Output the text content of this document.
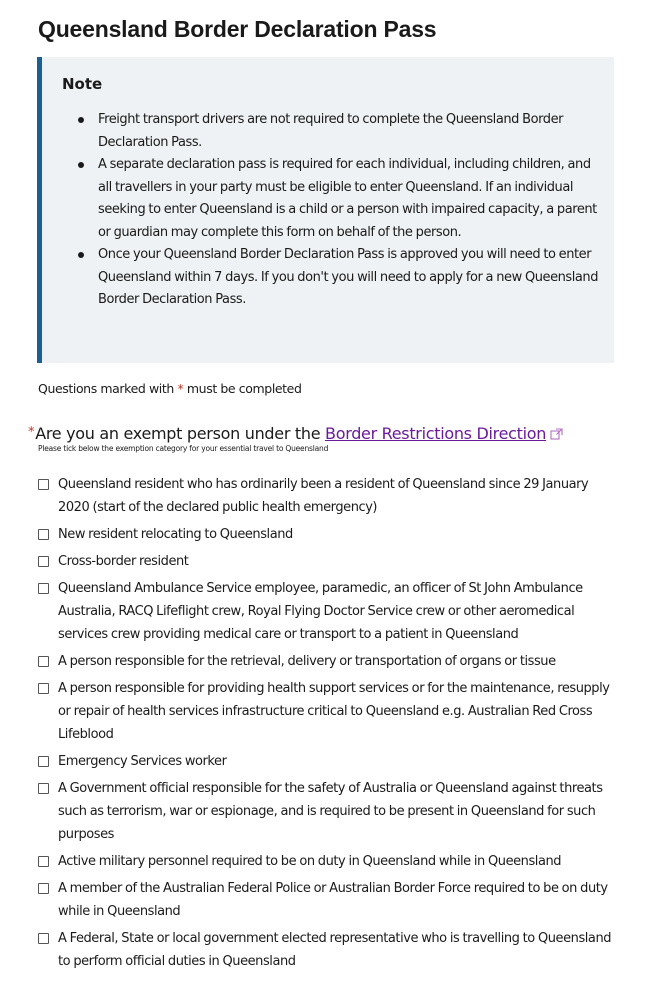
Queensland Border Declaration Pass
Note
Freight transport drivers are not required to complete the Queensland Border Declaration Pass.
A separate declaration pass is required for each individual, including children, and all travellers in your party must be eligible to enter Queensland. If an individual seeking to enter Queensland is a child or a person with impaired capacity, a parent or guardian may complete this form on behalf of the person.
Once your Queensland Border Declaration Pass is approved you will need to enter Queensland within 7 days. If you don't you will need to apply for a new Queensland Border Declaration Pass.

Questions marked with * must be completed

*Are you an exempt person under the Border Restrictions Direction

Please tick below the exemption category for your essential travel to Queensland

Queensland resident who has ordinarily been a resident of Queensland since 29 January 2020 (start of the declared public health emergency)
New resident relocating to Queensland
Cross-border resident
Queensland Ambulance Service employee, paramedic, an officer of St John Ambulance Australia, RACQ Lifeflight crew, Royal Flying Doctor Service crew or other aeromedical services crew providing medical care or transport to a patient in Queensland
A person responsible for the retrieval, delivery or transportation of organs or tissue
A person responsible for providing health support services or for the maintenance, resupply or repair of health services infrastructure critical to Queensland e.g. Australian Red Cross Lifeblood
Emergency Services worker
A Government official responsible for the safety of Australia or Queensland against threats such as terrorism, war or espionage, and is required to be present in Queensland for such purposes
Active military personnel required to be on duty in Queensland while in Queensland
A member of the Australian Federal Police or Australian Border Force required to be on duty while in Queensland
A Federal, State or local government elected representative who is travelling to Queensland to perform official duties in Queensland
